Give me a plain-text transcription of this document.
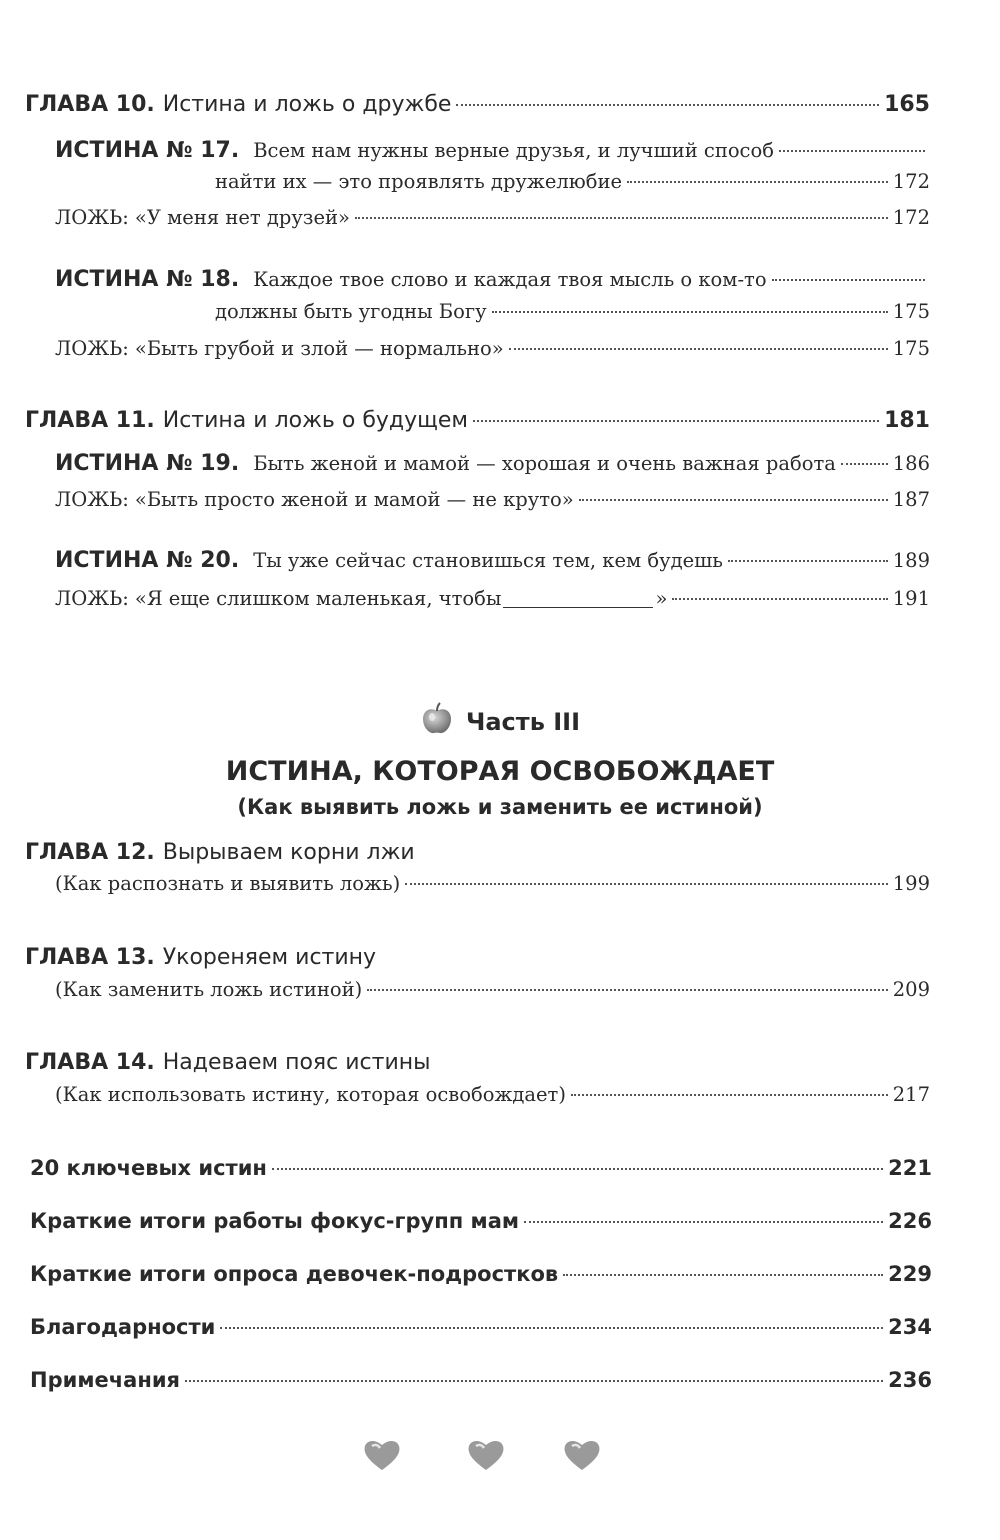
ГЛАВА 10. Истина и ложь о дружбе	165
ИСТИНА № 17. Всем нам нужны верные друзья, и лучший способ
найти их — это проявлять дружелюбие	172
ЛОЖЬ: «У меня нет друзей»	172
ИСТИНА № 18. Каждое твое слово и каждая твоя мысль о ком-то
должны быть угодны Богу	175
ЛОЖЬ: «Быть грубой и злой — нормально»	175
ГЛАВА 11. Истина и ложь о будущем	181
ИСТИНА № 19. Быть женой и мамой — хорошая и очень важная работа	186
ЛОЖЬ: «Быть просто женой и мамой — не круто»	187
ИСТИНА № 20. Ты уже сейчас становишься тем, кем будешь	189
ЛОЖЬ: «Я еще слишком маленькая, чтобы	»	191
Часть III
ИСТИНА, КОТОРАЯ ОСВОБОЖДАЕТ
(Как выявить ложь и заменить ее истиной)
ГЛАВА 12. Вырываем корни лжи
(Как распознать и выявить ложь)	199
ГЛАВА 13. Укореняем истину
(Как заменить ложь истиной)	209
ГЛАВА 14. Надеваем пояс истины
(Как использовать истину, которая освобождает)	217
20 ключевых истин	221
Краткие итоги работы фокус-групп мам	226
Краткие итоги опроса девочек-подростков	229
Благодарности	234
Примечания	236
